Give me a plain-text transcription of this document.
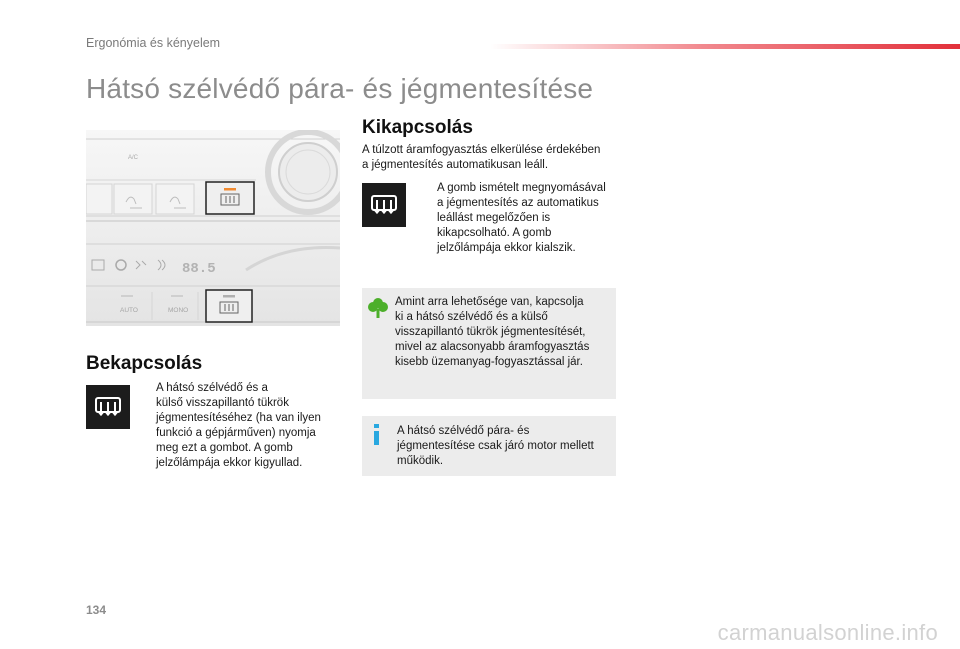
Ergonómia és kényelem
Hátsó szélvédő pára- és jégmentesítése
A/C
88.5
AUTO	MONO
Bekapcsolás
A hátsó szélvédő és a
külső visszapillantó tükrök
jégmentesítéséhez (ha van ilyen
funkció a gépjárműven) nyomja
meg ezt a gombot. A gomb
jelzőlámpája ekkor kigyullad.
Kikapcsolás
A túlzott áramfogyasztás elkerülése érdekében
a jégmentesítés automatikusan leáll.
A gomb ismételt megnyomásával
a jégmentesítés az automatikus
leállást megelőzően is
kikapcsolható. A gomb
jelzőlámpája ekkor kialszik.
Amint arra lehetősége van, kapcsolja
ki a hátsó szélvédő és a külső
visszapillantó tükrök jégmentesítését,
mivel az alacsonyabb áramfogyasztás
kisebb üzemanyag-fogyasztással jár.
A hátsó szélvédő pára- és
jégmentesítése csak járó motor mellett
működik.
134
carmanualsonline.info
